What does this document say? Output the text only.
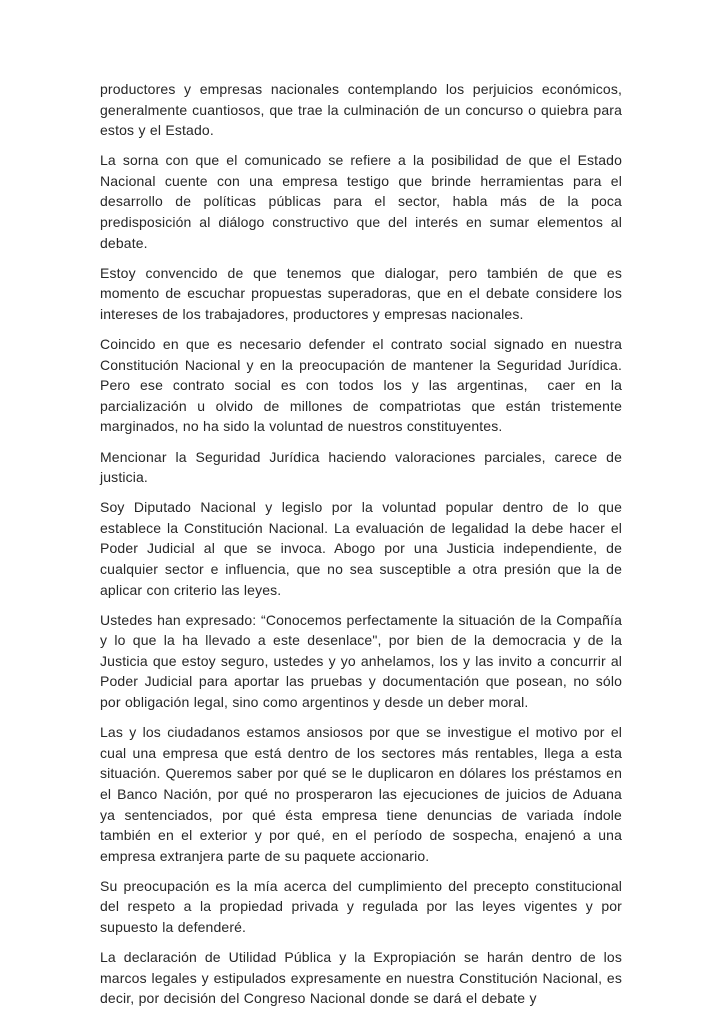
productores y empresas nacionales contemplando los perjuicios económicos, generalmente cuantiosos, que trae la culminación de un concurso o quiebra para estos y el Estado.

La sorna con que el comunicado se refiere a la posibilidad de que el Estado Nacional cuente con una empresa testigo que brinde herramientas para el desarrollo de políticas públicas para el sector, habla más de la poca predisposición al diálogo constructivo que del interés en sumar elementos al debate.

Estoy convencido de que tenemos que dialogar, pero también de que es momento de escuchar propuestas superadoras, que en el debate considere los intereses de los trabajadores, productores y empresas nacionales.

Coincido en que es necesario defender el contrato social signado en nuestra Constitución Nacional y en la preocupación de mantener la Seguridad Jurídica. Pero ese contrato social es con todos los y las argentinas,  caer en la parcialización u olvido de millones de compatriotas que están tristemente marginados, no ha sido la voluntad de nuestros constituyentes.

Mencionar la Seguridad Jurídica haciendo valoraciones parciales, carece de justicia.

Soy Diputado Nacional y legislo por la voluntad popular dentro de lo que establece la Constitución Nacional. La evaluación de legalidad la debe hacer el Poder Judicial al que se invoca. Abogo por una Justicia independiente, de cualquier sector e influencia, que no sea susceptible a otra presión que la de aplicar con criterio las leyes.

Ustedes han expresado: “Conocemos perfectamente la situación de la Compañía y lo que la ha llevado a este desenlace", por bien de la democracia y de la Justicia que estoy seguro, ustedes y yo anhelamos, los y las invito a concurrir al Poder Judicial para aportar las pruebas y documentación que posean, no sólo por obligación legal, sino como argentinos y desde un deber moral.

Las y los ciudadanos estamos ansiosos por que se investigue el motivo por el cual una empresa que está dentro de los sectores más rentables, llega a esta situación. Queremos saber por qué se le duplicaron en dólares los préstamos en el Banco Nación, por qué no prosperaron las ejecuciones de juicios de Aduana ya sentenciados, por qué ésta empresa tiene denuncias de variada índole también en el exterior y por qué, en el período de sospecha, enajenó a una empresa extranjera parte de su paquete accionario.

Su preocupación es la mía acerca del cumplimiento del precepto constitucional del respeto a la propiedad privada y regulada por las leyes vigentes y por supuesto la defenderé.

La declaración de Utilidad Pública y la Expropiación se harán dentro de los marcos legales y estipulados expresamente en nuestra Constitución Nacional, es decir, por decisión del Congreso Nacional donde se dará el debate y
